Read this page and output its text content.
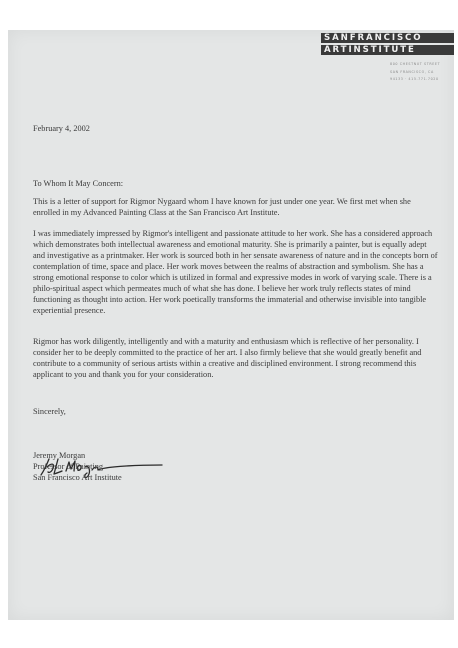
SANFRANCISCO
ARTINSTITUTE
800 CHESTNUT STREET
SAN FRANCISCO, CA
94133 · 415.771.7020
February 4, 2002
To Whom It May Concern:
This is a letter of support for Rigmor Nygaard whom I have known for just under one year. We first met when she enrolled in my Advanced Painting Class at the San Francisco Art Institute.
I was immediately impressed by Rigmor's intelligent and passionate attitude to her work. She has a considered approach which demonstrates both intellectual awareness and emotional maturity. She is primarily a painter, but is equally adept and investigative as a printmaker. Her work is sourced both in her sensate awareness of nature and in the concepts born of contemplation of time, space and place. Her work moves between the realms of abstraction and symbolism. She has a strong emotional response to color which is utilized in formal and expressive modes in work of varying scale. There is a philo-spiritual aspect which permeates much of what she has done. I believe her work truly reflects states of mind functioning as thought into action. Her work poetically transforms the immaterial and otherwise invisible into tangible experiential presence.
Rigmor has work diligently, intelligently and with a maturity and enthusiasm which is reflective of her personality. I consider her to be deeply committed to the practice of her art. I also firmly believe that she would greatly benefit and contribute to a community of serious artists within a creative and disciplined environment. I strong recommend this applicant to you and thank you for your consideration.
Sincerely,
Jeremy Morgan
Professor of Painting
San Francisco Art Institute
